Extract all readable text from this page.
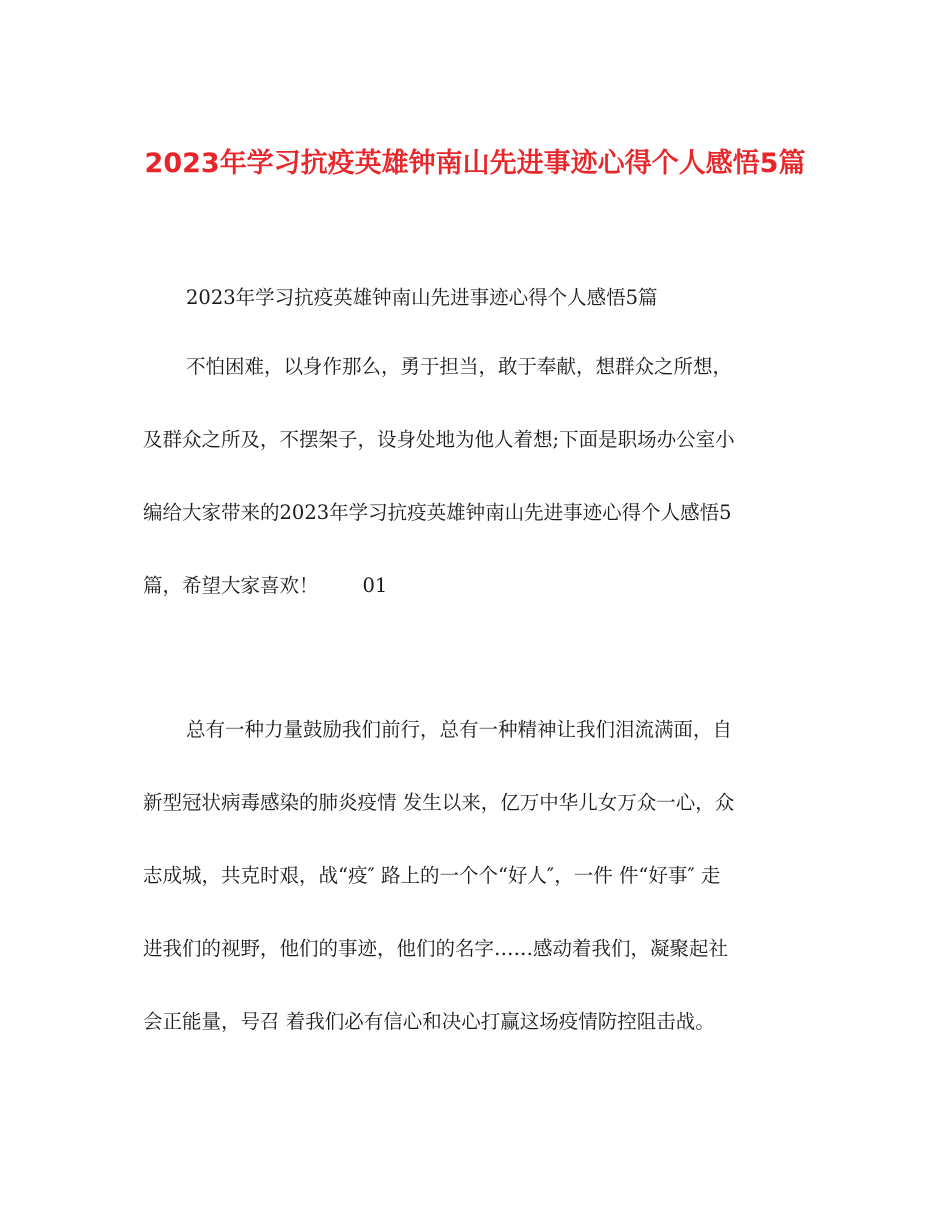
2023年学习抗疫英雄钟南山先进事迹心得个人感悟5篇
2023年学习抗疫英雄钟南山先进事迹心得个人感悟5篇
不怕困难，以身作那么，勇于担当，敢于奉献，想群众之所想，
及群众之所及，不摆架子，设身处地为他人着想;下面是职场办公室小
编给大家带来的2023年学习抗疫英雄钟南山先进事迹心得个人感悟5
篇，希望大家喜欢！ 01
总有一种力量鼓励我们前行，总有一种精神让我们泪流满面，自
新型冠状病毒感染的肺炎疫情 发生以来，亿万中华儿女万众一心，众
志成城，共克时艰，战“疫″ 路上的一个个“好人″，一件 件“好事″ 走
进我们的视野，他们的事迹，他们的名字……感动着我们，凝聚起社
会正能量，号召 着我们必有信心和决心打赢这场疫情防控阻击战。
